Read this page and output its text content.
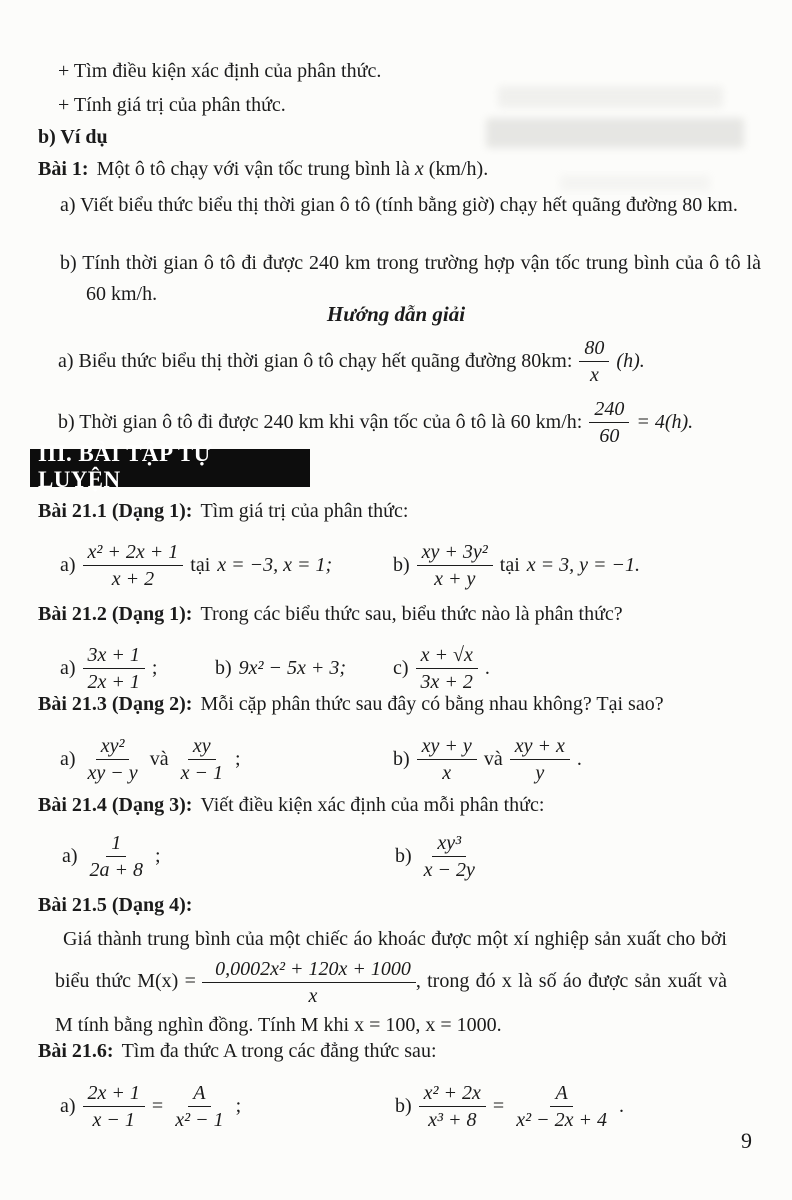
+ Tìm điều kiện xác định của phân thức.
+ Tính giá trị của phân thức.
b) Ví dụ
Bài 1: Một ô tô chạy với vận tốc trung bình là x (km/h).
a) Viết biểu thức biểu thị thời gian ô tô (tính bằng giờ) chạy hết quãng đường 80 km.
b) Tính thời gian ô tô đi được 240 km trong trường hợp vận tốc trung bình của ô tô là 60 km/h.
Hướng dẫn giải
a) Biểu thức biểu thị thời gian ô tô chạy hết quãng đường 80km: $\frac{80}{x} (h)$.
b) Thời gian ô tô đi được 240 km khi vận tốc của ô tô là 60 km/h: $\frac{240}{60} = 4(h)$.
III. BÀI TẬP TỰ LUYỆN
Bài 21.1 (Dạng 1): Tìm giá trị của phân thức:
$a) \frac{\text{x² + 2x + 1}}{x + 2}$ tại x = −3, x = 1;	$b) \frac{\text{xy + 3y²}}{x + y}$ tại x = 3, y = −1.
Bài 21.2 (Dạng 1): Trong các biểu thức sau, biểu thức nào là phân thức?
$a) \frac{3x + 1}{2x + 1}$ ;	b) 9x² − 5x + 3; $c) \frac{x + √x}{3x + 2}$ .
Bài 21.3 (Dạng 2): Mỗi cặp phân thức sau đây có bằng nhau không? Tại sao?
$a) \frac{\text{xy²}}{xy - y}$ và $\frac{xy}{x - 1}$ ;	$b) \frac{xy + y}{x}$ và $\frac{xy + x}{y}$ .
Bài 21.4 (Dạng 3): Viết điều kiện xác định của mỗi phân thức:
$a) \frac{1}{2a + 8}$ ;	$b) \frac{\text{xy³}}{x - 2y}$
Bài 21.5 (Dạng 4):
Giá thành trung bình của một chiếc áo khoác được một xí nghiệp sản xuất cho bởi biểu thức $M(x) = \frac{\text{0,0002x² + 120x + 1000}}{x}$ , trong đó x là số áo được sản xuất và M tính bằng nghìn đồng. Tính M khi x = 100, x = 1000.
Bài 21.6: Tìm đa thức A trong các đẳng thức sau:
$a) \frac{2x + 1}{x - 1} = \frac{A}{\text{x² − 1}}$ ;	$b) \frac{\text{x² + 2x}}{\text{x³ + 8}} = \frac{A}{\text{x² − 2x + 4}}$ .
9
